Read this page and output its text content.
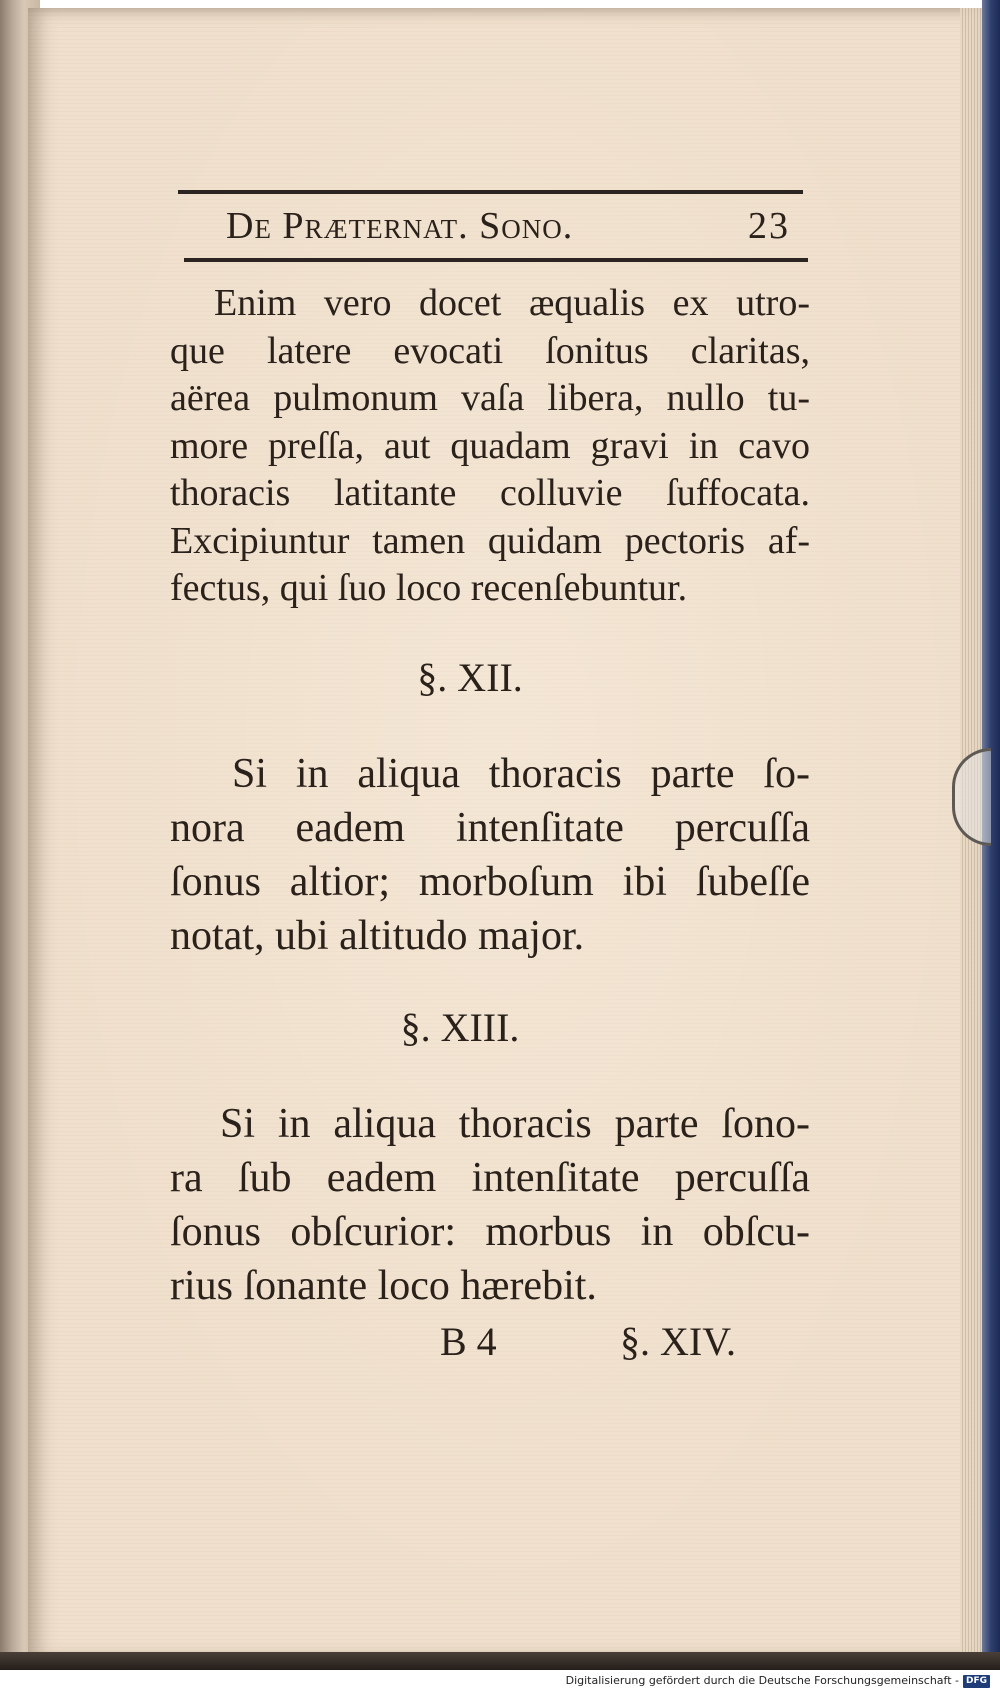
De Præternat. Sono.	23
Enim vero docet æqualis ex utro-
que latere evocati ſonitus claritas,
aërea pulmonum vaſa libera, nullo tu-
more preſſa, aut quadam gravi in cavo
thoracis latitante colluvie ſuffocata.
Excipiuntur tamen quidam pectoris af-
fectus, qui ſuo loco recenſebuntur.
§. XII.
Si in aliqua thoracis parte ſo-
nora eadem intenſitate percuſſa
ſonus altior; morboſum ibi ſubeſſe
notat, ubi altitudo major.
§. XIII.
Si in aliqua thoracis parte ſono-
ra ſub eadem intenſitate percuſſa
ſonus obſcurior: morbus in obſcu-
rius ſonante loco hærebit.
B 4	§. XIV.
Digitalisierung gefördert durch die Deutsche Forschungsgemeinschaft - DFG
